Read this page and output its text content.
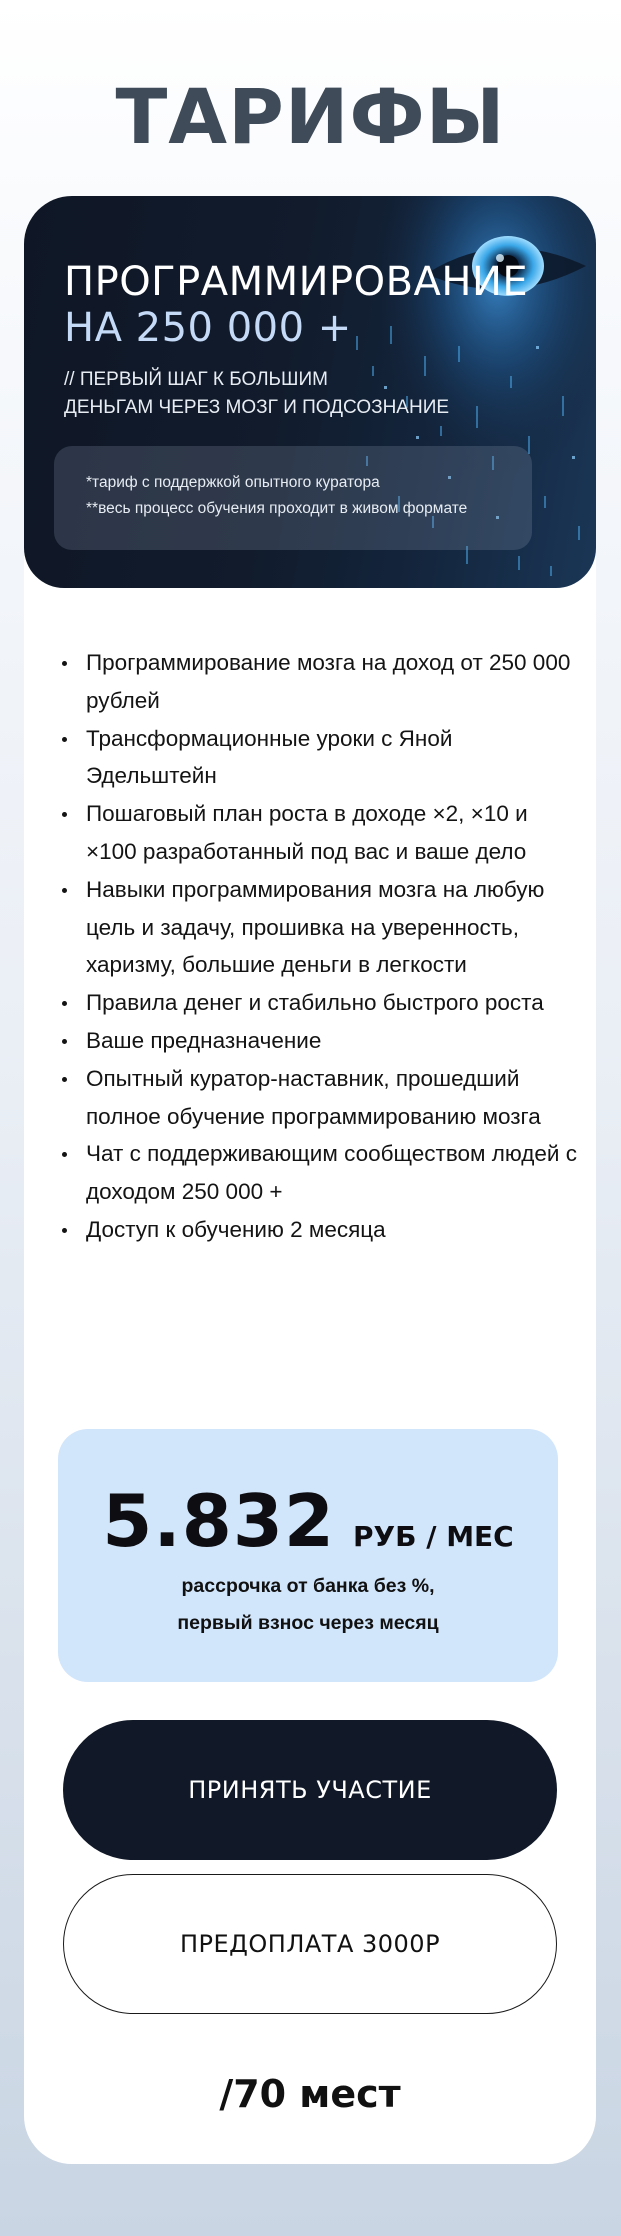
ТАРИФЫ
ПРОГРАММИРОВАНИЕ
НА 250 000 +
// ПЕРВЫЙ ШАГ К БОЛЬШИМ
ДЕНЬГАМ ЧЕРЕЗ МОЗГ И ПОДСОЗНАНИЕ
*тариф с поддержкой опытного куратора
**весь процесс обучения проходит в живом формате
Программирование мозга на доход от 250 000 рублей
Трансформационные уроки с Яной Эдельштейн
Пошаговый план роста в доходе ×2, ×10 и ×100 разработанный под вас и ваше дело
Навыки программирования мозга на любую цель и задачу, прошивка на уверенность, харизму, большие деньги в легкости
Правила денег и стабильно быстрого роста
Ваше предназначение
Опытный куратор-наставник, прошедший полное обучение программированию мозга
Чат с поддерживающим сообществом людей с доходом 250 000 +
Доступ к обучению 2 месяца
5.832 РУБ / МЕС
рассрочка от банка без %,
первый взнос через месяц
ПРИНЯТЬ УЧАСТИЕ
ПРЕДОПЛАТА 3000Р
/70 мест
